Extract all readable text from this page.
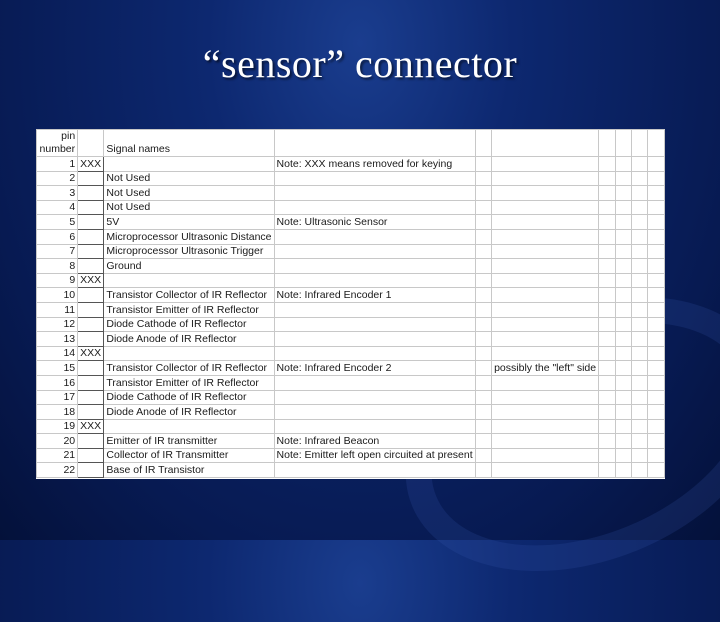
“sensor” connector
pin
number		Signal names							
1	XXX		Note: XXX means removed for keying						
2		Not Used							
3		Not Used							
4		Not Used							
5		5V	Note: Ultrasonic Sensor						
6		Microprocessor Ultrasonic Distance							
7		Microprocessor Ultrasonic Trigger							
8		Ground							
9	XXX								
10		Transistor Collector of IR Reflector	Note: Infrared Encoder 1						
11		Transistor Emitter of IR Reflector							
12		Diode Cathode of IR Reflector							
13		Diode Anode of IR Reflector							
14	XXX								
15		Transistor Collector of IR Reflector	Note: Infrared Encoder 2		possibly the "left" side				
16		Transistor Emitter of IR Reflector							
17		Diode Cathode of IR Reflector							
18		Diode Anode of IR Reflector							
19	XXX								
20		Emitter of IR transmitter	Note: Infrared Beacon						
21		Collector of IR Transmitter	Note: Emitter left open circuited at present						
22		Base of IR Transistor							
